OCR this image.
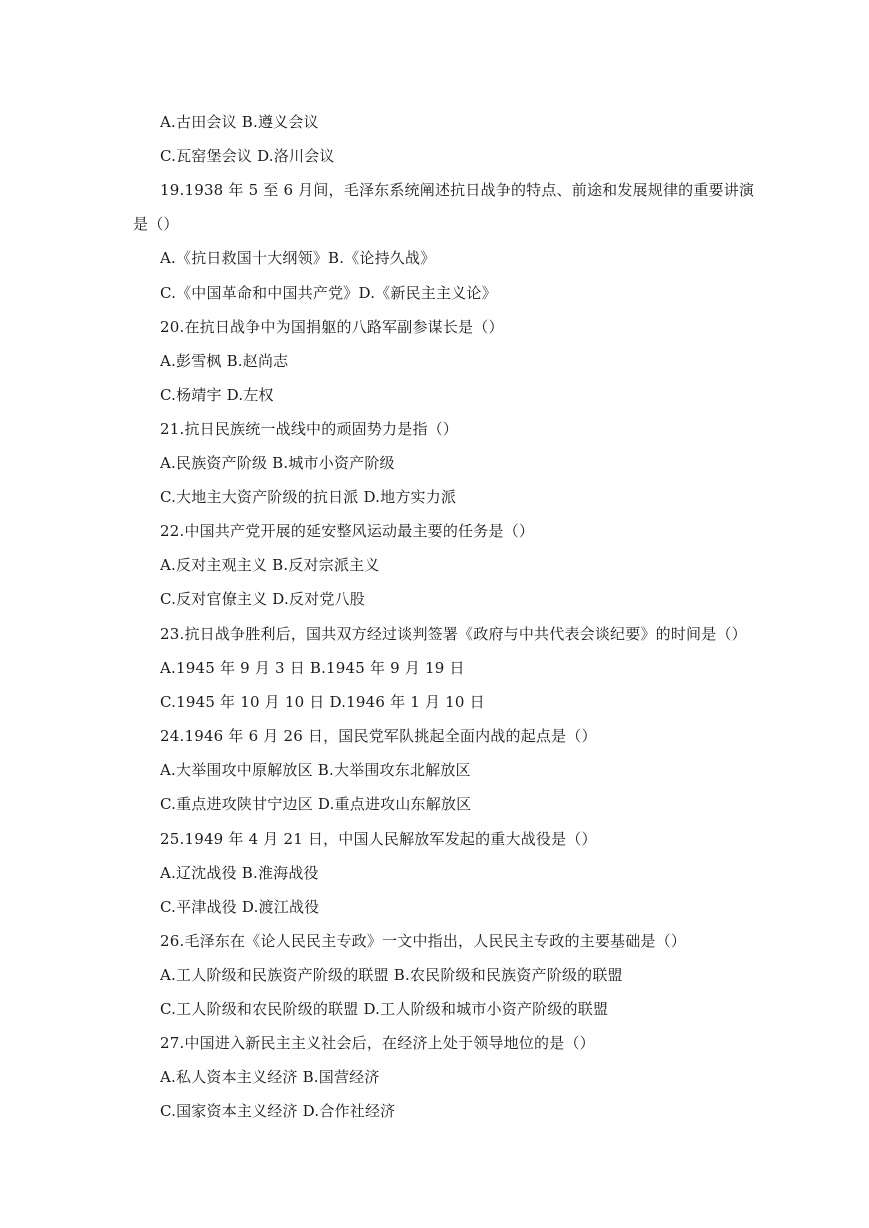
A.古田会议 B.遵义会议
C.瓦窑堡会议 D.洛川会议
19.1938 年 5 至 6 月间，毛泽东系统阐述抗日战争的特点、前途和发展规律的重要讲演
是（）
A.《抗日救国十大纲领》B.《论持久战》
C.《中国革命和中国共产党》D.《新民主主义论》
20.在抗日战争中为国捐躯的八路军副参谋长是（）
A.彭雪枫 B.赵尚志
C.杨靖宇 D.左权
21.抗日民族统一战线中的顽固势力是指（）
A.民族资产阶级 B.城市小资产阶级
C.大地主大资产阶级的抗日派 D.地方实力派
22.中国共产党开展的延安整风运动最主要的任务是（）
A.反对主观主义 B.反对宗派主义
C.反对官僚主义 D.反对党八股
23.抗日战争胜利后，国共双方经过谈判签署《政府与中共代表会谈纪要》的时间是（）
A.1945 年 9 月 3 日 B.1945 年 9 月 19 日
C.1945 年 10 月 10 日 D.1946 年 1 月 10 日
24.1946 年 6 月 26 日，国民党军队挑起全面内战的起点是（）
A.大举围攻中原解放区 B.大举围攻东北解放区
C.重点进攻陕甘宁边区 D.重点进攻山东解放区
25.1949 年 4 月 21 日，中国人民解放军发起的重大战役是（）
A.辽沈战役 B.淮海战役
C.平津战役 D.渡江战役
26.毛泽东在《论人民民主专政》一文中指出，人民民主专政的主要基础是（）
A.工人阶级和民族资产阶级的联盟 B.农民阶级和民族资产阶级的联盟
C.工人阶级和农民阶级的联盟 D.工人阶级和城市小资产阶级的联盟
27.中国进入新民主主义社会后，在经济上处于领导地位的是（）
A.私人资本主义经济 B.国营经济
C.国家资本主义经济 D.合作社经济
